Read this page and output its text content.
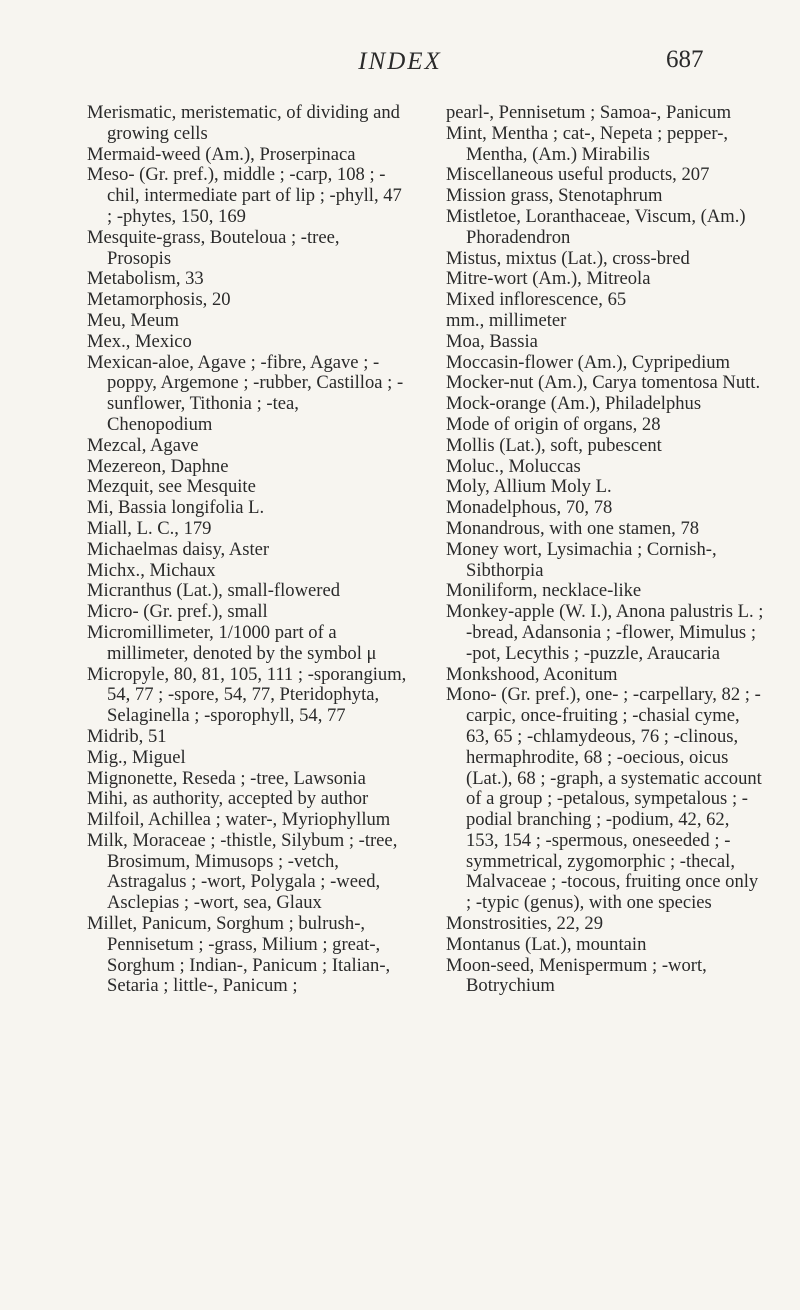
INDEX	687

Merismatic, meristematic, of dividing and growing cells

Mermaid-weed (Am.), Proserpinaca

Meso- (Gr. pref.), middle ; -carp, 108 ; -chil, intermediate part of lip ; -phyll, 47 ; -phytes, 150, 169

Mesquite-grass, Bouteloua ; -tree, Prosopis

Metabolism, 33

Metamorphosis, 20

Meu, Meum

Mex., Mexico

Mexican-aloe, Agave ; -fibre, Agave ; -poppy, Argemone ; -rubber, Castilloa ; -sunflower, Tithonia ; -tea, Chenopodium

Mezcal, Agave

Mezereon, Daphne

Mezquit, see Mesquite

Mi, Bassia longifolia L.

Miall, L. C., 179

Michaelmas daisy, Aster

Michx., Michaux

Micranthus (Lat.), small-flowered

Micro- (Gr. pref.), small

Micromillimeter, 1/1000 part of a millimeter, denoted by the symbol μ

Micropyle, 80, 81, 105, 111 ; -sporangium, 54, 77 ; -spore, 54, 77, Pteridophyta, Selaginella ; -sporophyll, 54, 77

Midrib, 51

Mig., Miguel

Mignonette, Reseda ; -tree, Lawsonia

Mihi, as authority, accepted by author

Milfoil, Achillea ; water-, Myriophyllum

Milk, Moraceae ; -thistle, Silybum ; -tree, Brosimum, Mimusops ; -vetch, Astragalus ; -wort, Polygala ; -weed, Asclepias ; -wort, sea, Glaux

Millet, Panicum, Sorghum ; bulrush-, Pennisetum ; -grass, Milium ; great-, Sorghum ; Indian-, Panicum ; Italian-, Setaria ; little-, Panicum ;

pearl-, Pennisetum ; Samoa-, Panicum

Mint, Mentha ; cat-, Nepeta ; pepper-, Mentha, (Am.) Mirabilis

Miscellaneous useful products, 207

Mission grass, Stenotaphrum

Mistletoe, Loranthaceae, Viscum, (Am.) Phoradendron

Mistus, mixtus (Lat.), cross-bred

Mitre-wort (Am.), Mitreola

Mixed inflorescence, 65

mm., millimeter

Moa, Bassia

Moccasin-flower (Am.), Cypripedium

Mocker-nut (Am.), Carya tomentosa Nutt.

Mock-orange (Am.), Philadelphus

Mode of origin of organs, 28

Mollis (Lat.), soft, pubescent

Moluc., Moluccas

Moly, Allium Moly L.

Monadelphous, 70, 78

Monandrous, with one stamen, 78

Money wort, Lysimachia ; Cornish-, Sibthorpia

Moniliform, necklace-like

Monkey-apple (W. I.), Anona palustris L. ; -bread, Adansonia ; -flower, Mimulus ; -pot, Lecythis ; -puzzle, Araucaria

Monkshood, Aconitum

Mono- (Gr. pref.), one- ; -carpellary, 82 ; -carpic, once-fruiting ; -chasial cyme, 63, 65 ; -chlamydeous, 76 ; -clinous, hermaphrodite, 68 ; -oecious, oicus (Lat.), 68 ; -graph, a systematic account of a group ; -petalous, sympetalous ; -podial branching ; -podium, 42, 62, 153, 154 ; -spermous, oneseeded ; -symmetrical, zygomorphic ; -thecal, Malvaceae ; -tocous, fruiting once only ; -typic (genus), with one species

Monstrosities, 22, 29

Montanus (Lat.), mountain

Moon-seed, Menispermum ; -wort, Botrychium
